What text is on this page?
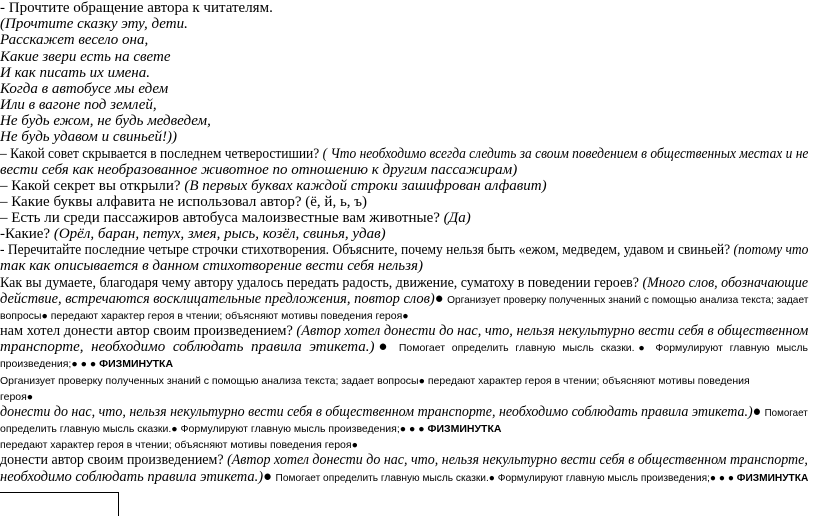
- Прочтите обращение автора к читателям.
(Прочтите сказку эту, дети.
Расскажет весело она,
Какие звери есть на свете
И как писать их имена.
Когда в автобусе мы едем
Или в вагоне под землей,
Не будь ежом, не будь медведем,
Не будь удавом и свиньей!))
– Какой совет скрывается в последнем четверостишии? ( Что необходимо всегда следить за своим поведением в общественных местах и не
вести себя как необразованное животное по отношению к другим пассажирам)
– Какой секрет вы открыли? (В первых буквах каждой строки зашифрован алфавит)
– Какие буквы алфавита не использовал автор? (ё, й, ь, ъ)
– Есть ли среди пассажиров автобуса малоизвестные вам животные? (Да)
-Какие? (Орёл, баран, петух, змея, рысь, козёл, свинья, удав)
- Перечитайте последние четыре строчки стихотворения. Объясните, почему нельзя быть «ежом, медведем, удавом и свиньей? (потому что
так как описывается в данном стихотворение вести себя нельзя)
Как вы думаете, благодаря чему автору удалось передать радость, движение, суматоху в поведении героев? (Много слов, обозначающие
действие, встречаются восклицательные предложения, повтор слов)● Организует проверку полученных знаний с помощью анализа текста; задает
вопросы● передают характер героя в чтении; объясняют мотивы поведения героя●
нам хотел донести автор своим произведением? (Автор хотел донести до нас, что, нельзя некультурно вести себя в общественном
транспорте, необходимо соблюдать правила этикета.)● Помогает определить главную мысль сказки.● Формулируют главную мысль
произведения;● ● ● ФИЗМИНУТКА
Организует проверку полученных знаний с помощью анализа текста; задает вопросы● передают характер героя в чтении; объясняют мотивы поведения
героя●
донести до нас, что, нельзя некультурно вести себя в общественном транспорте, необходимо соблюдать правила этикета.)● Помогает
определить главную мысль сказки.● Формулируют главную мысль произведения;● ● ● ФИЗМИНУТКА
передают характер героя в чтении; объясняют мотивы поведения героя●
донести автор своим произведением? (Автор хотел донести до нас, что, нельзя некультурно вести себя в общественном транспорте,
необходимо соблюдать правила этикета.)● Помогает определить главную мысль сказки.● Формулируют главную мысль произведения;● ● ● ФИЗМИНУТКА
